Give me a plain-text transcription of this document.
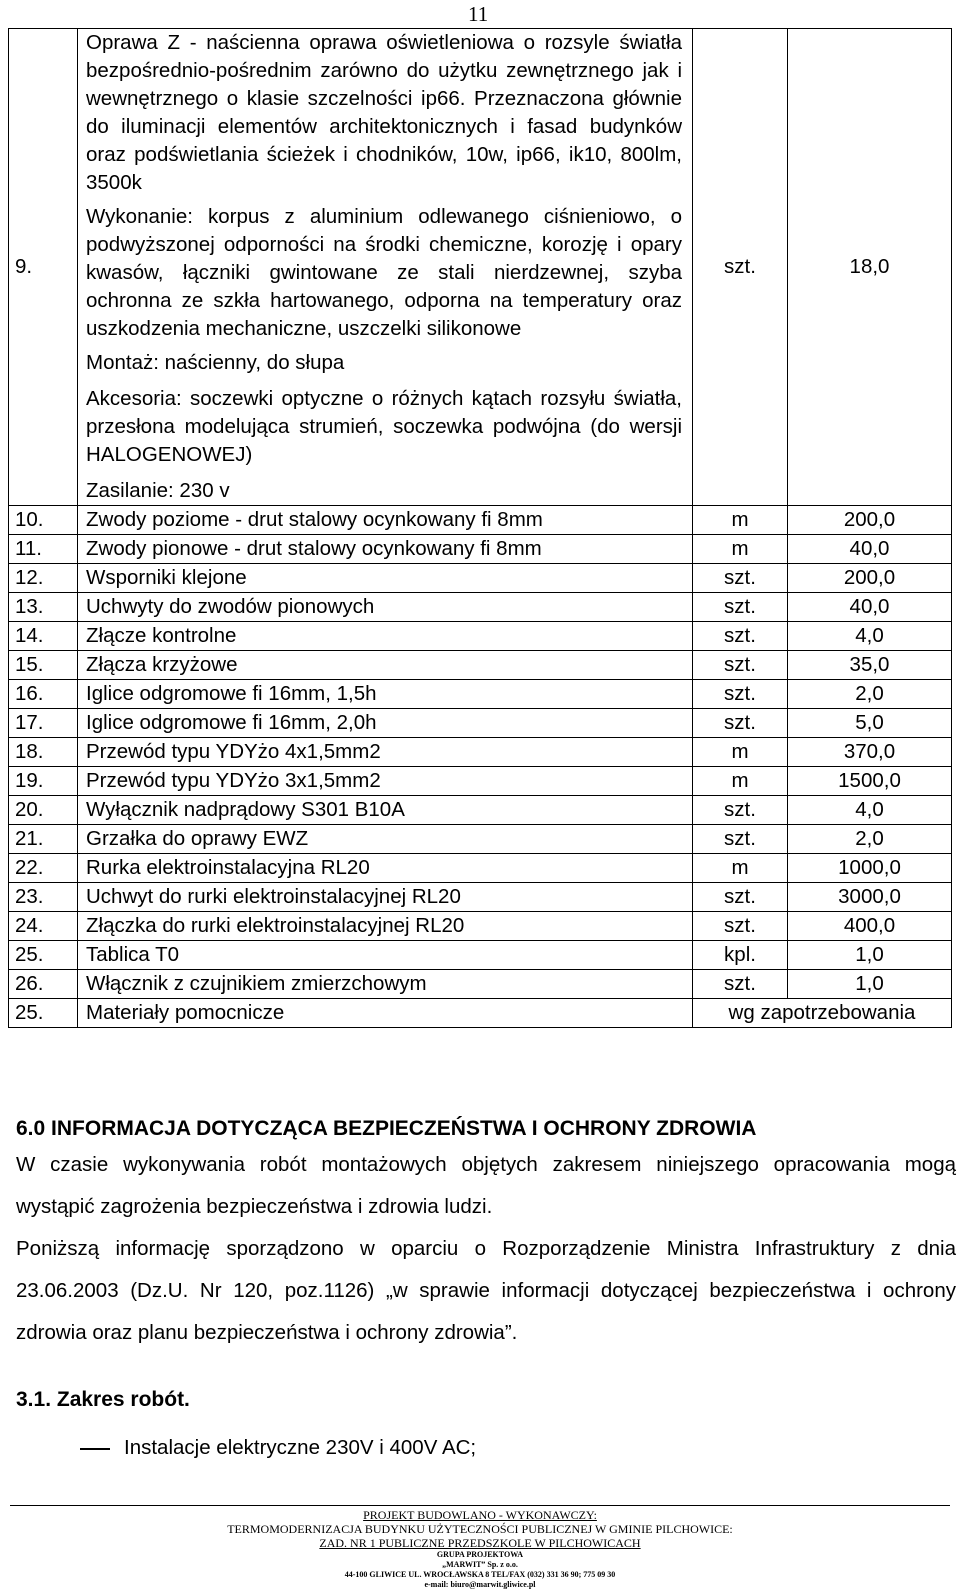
11
9.	Oprawa Z - naścienna oprawa oświetleniowa o rozsyle światła bezpośrednio-pośrednim zarówno do użytku zewnętrznego jak i wewnętrznego o klasie szczelności ip66. Przeznaczona głównie do iluminacji elementów architektonicznych i fasad budynków oraz podświetlania ścieżek i chodników, 10w, ip66, ik10, 800lm, 3500k

Wykonanie: korpus z aluminium odlewanego ciśnieniowo, o podwyższonej odporności na środki chemiczne, korozję i opary kwasów, łączniki gwintowane ze stali nierdzewnej, szyba ochronna ze szkła hartowanego, odporna na temperatury oraz uszkodzenia mechaniczne, uszczelki silikonowe

Montaż: naścienny, do słupa

Akcesoria: soczewki optyczne o różnych kątach rozsyłu światła, przesłona modelująca strumień, soczewka podwójna (do wersji HALOGENOWEJ)

Zasilanie: 230 v	szt.	18,0
10.	Zwody poziome - drut stalowy ocynkowany fi 8mm	m	200,0
11.	Zwody pionowe - drut stalowy ocynkowany fi 8mm	m	40,0
12.	Wsporniki klejone	szt.	200,0
13.	Uchwyty do zwodów pionowych	szt.	40,0
14.	Złącze kontrolne	szt.	4,0
15.	Złącza krzyżowe	szt.	35,0
16.	Iglice odgromowe fi 16mm, 1,5h	szt.	2,0
17.	Iglice odgromowe fi 16mm, 2,0h	szt.	5,0
18.	Przewód typu YDYżo 4x1,5mm2	m	370,0
19.	Przewód typu YDYżo 3x1,5mm2	m	1500,0
20.	Wyłącznik nadprądowy S301 B10A	szt.	4,0
21.	Grzałka do oprawy EWZ	szt.	2,0
22.	Rurka elektroinstalacyjna RL20	m	1000,0
23.	Uchwyt do rurki elektroinstalacyjnej RL20	szt.	3000,0
24.	Złączka do rurki elektroinstalacyjnej RL20	szt.	400,0
25.	Tablica T0	kpl.	1,0
26.	Włącznik z czujnikiem zmierzchowym	szt.	1,0
25.	Materiały pomocnicze	wg zapotrzebowania	
6.0 INFORMACJA DOTYCZĄCA BEZPIECZEŃSTWA I OCHRONY ZDROWIA
W czasie wykonywania robót montażowych objętych zakresem niniejszego opracowania mogą wystąpić zagrożenia bezpieczeństwa i zdrowia ludzi.
Poniższą informację sporządzono w oparciu o Rozporządzenie Ministra Infrastruktury z dnia 23.06.2003 (Dz.U. Nr 120, poz.1126) „w sprawie informacji dotyczącej bezpieczeństwa i ochrony zdrowia oraz planu bezpieczeństwa i ochrony zdrowia”.
3.1. Zakres robót.
Instalacje elektryczne 230V i 400V AC;
PROJEKT BUDOWLANO - WYKONAWCZY:
TERMOMODERNIZACJA BUDYNKU UŻYTECZNOŚCI PUBLICZNEJ W GMINIE PILCHOWICE:
ZAD. NR 1 PUBLICZNE PRZEDSZKOLE W PILCHOWICACH
GRUPA PROJEKTOWA
„MARWIT” Sp. z o.o.
44-100 GLIWICE UL. WROCŁAWSKA 8 TEL/FAX (032) 331 36 90; 775 09 30
e-mail: biuro@marwit.gliwice.pl
